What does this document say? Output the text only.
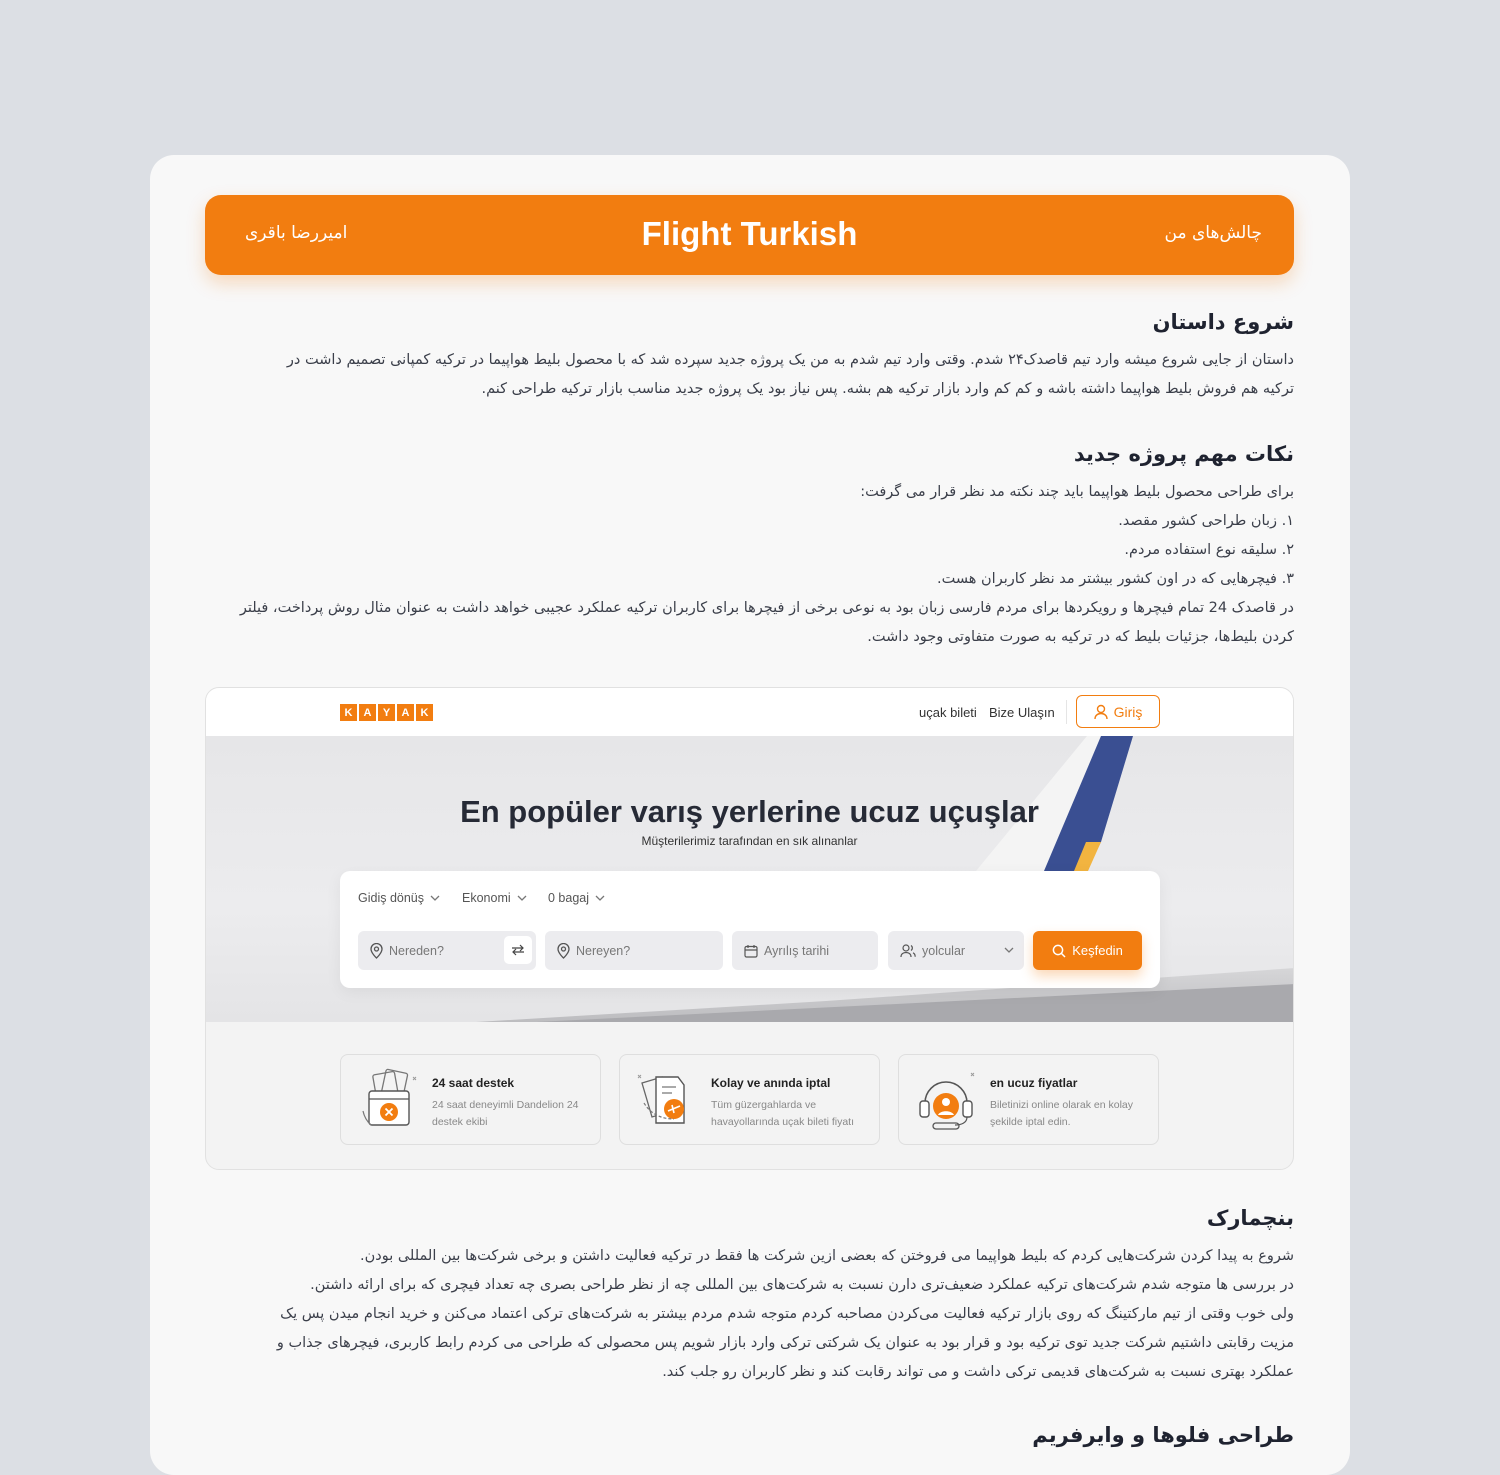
چالش‌های من
Flight Turkish
امیررضا باقری
شروع داستان
داستان از جایی شروع میشه وارد تیم قاصدک۲۴ شدم. وقتی وارد تیم شدم به من یک پروژه جدید سپرده شد که با محصول بلیط هواپیما در ترکیه کمپانی تصمیم داشت در
ترکیه هم فروش بلیط هواپیما داشته باشه و کم کم وارد بازار ترکیه هم بشه. پس نیاز بود یک پروژه جدید مناسب بازار ترکیه طراحی کنم.
نکات مهم پروژه جدید
برای طراحی محصول بلیط هواپیما باید چند نکته مد نظر قرار می گرفت:
۱. زبان طراحی کشور مقصد.
۲. سلیقه نوع استفاده مردم.
۳. فیچرهایی که در اون کشور بیشتر مد نظر کاربران هست.
در قاصدک 24 تمام فیچرها و رویکردها برای مردم فارسی زبان بود به نوعی برخی از فیچرها برای کاربران ترکیه عملکرد عجیبی خواهد داشت به عنوان مثال روش پرداخت، فیلتر
کردن بلیط‌ها، جزئیات بلیط که در ترکیه به صورت متفاوتی وجود داشت.
K	A	Y	A	K	uçak bileti Bize Ulaşın	Giriş
En popüler varış yerlerine ucuz uçuşlar
Müşterilerimiz tarafından en sık alınanlar
Gidiş dönüş	Ekonomi	0 bagaj
Nereden?	Nereyen?	Ayrılış tarihi	yolcular	Keşfedin
24 saat destek
24 saat deneyimli Dandelion 24 destek ekibi
Kolay ve anında iptal
Tüm güzergahlarda ve havayollarında uçak bileti fiyatı
en ucuz fiyatlar
Biletinizi online olarak en kolay şekilde iptal edin.
بنچمارک
شروع به پیدا کردن شرکت‌هایی کردم که بلیط هواپیما می فروختن که بعضی ازین شرکت ها فقط در ترکیه فعالیت داشتن و برخی شرکت‌ها بین المللی بودن.
در بررسی ها متوجه شدم شرکت‌های ترکیه عملکرد ضعیف‌تری دارن نسبت به شرکت‌های بین المللی چه از نظر طراحی بصری چه تعداد فیچری که برای ارائه داشتن.
ولی خوب وقتی از تیم مارکتینگ که روی بازار ترکیه فعالیت می‌کردن مصاحبه کردم متوجه شدم مردم بیشتر به شرکت‌های ترکی اعتماد می‌کنن و خرید انجام میدن پس یک
مزیت رقابتی داشتیم شرکت جدید توی ترکیه بود و قرار بود به عنوان یک شرکتی ترکی وارد بازار شویم پس محصولی که طراحی می کردم رابط کاربری، فیچرهای جذاب و
عملکرد بهتری نسبت به شرکت‌های قدیمی ترکی داشت و می تواند رقابت کند و نظر کاربران رو جلب کند.
طراحی فلوها و وایرفریم
